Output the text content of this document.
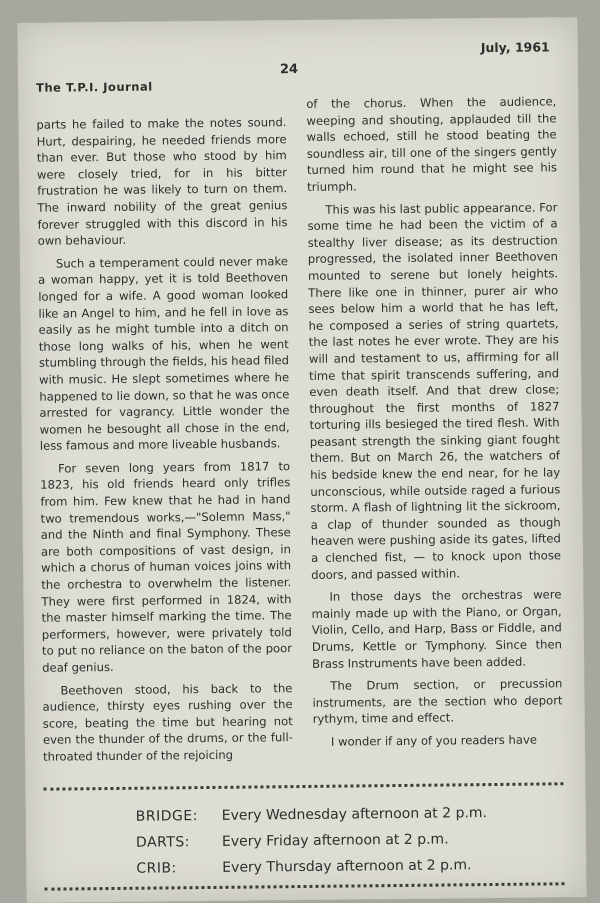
July, 1961
The T.P.I. Journal
24

parts he failed to make the notes sound. Hurt, despairing, he needed friends more than ever. But those who stood by him were closely tried, for in his bitter frustration he was likely to turn on them. The inward nobility of the great genius forever struggled with this discord in his own behaviour.

Such a temperament could never make a woman happy, yet it is told Beethoven longed for a wife. A good woman looked like an Angel to him, and he fell in love as easily as he might tumble into a ditch on those long walks of his, when he went stumbling through the fields, his head filed with music. He slept sometimes where he happened to lie down, so that he was once arrested for vagrancy. Little wonder the women he besought all chose in the end, less famous and more liveable husbands.

For seven long years from 1817 to 1823, his old friends heard only trifles from him. Few knew that he had in hand two tremendous works,—"Solemn Mass," and the Ninth and final Symphony. These are both compositions of vast design, in which a chorus of human voices joins with the orchestra to overwhelm the listener. They were first performed in 1824, with the master himself marking the time. The performers, however, were privately told to put no reliance on the baton of the poor deaf genius.

Beethoven stood, his back to the audience, thirsty eyes rushing over the score, beating the time but hearing not even the thunder of the drums, or the full-throated thunder of the rejoicing

of the chorus. When the audience, weeping and shouting, applauded till the walls echoed, still he stood beating the soundless air, till one of the singers gently turned him round that he might see his triumph.

This was his last public appearance. For some time he had been the victim of a stealthy liver disease; as its destruction progressed, the isolated inner Beethoven mounted to serene but lonely heights. There like one in thinner, purer air who sees below him a world that he has left, he composed a series of string quartets, the last notes he ever wrote. They are his will and testament to us, affirming for all time that spirit transcends suffering, and even death itself. And that drew close; throughout the first months of 1827 torturing ills besieged the tired flesh. With peasant strength the sinking giant fought them. But on March 26, the watchers of his bedside knew the end near, for he lay unconscious, while outside raged a furious storm. A flash of lightning lit the sickroom, a clap of thunder sounded as though heaven were pushing aside its gates, lifted a clenched fist, — to knock upon those doors, and passed within.

In those days the orchestras were mainly made up with the Piano, or Organ, Violin, Cello, and Harp, Bass or Fiddle, and Drums, Kettle or Tymphony. Since then Brass Instruments have been added.

The Drum section, or precussion instruments, are the section who deport rythym, time and effect.

I wonder if any of you readers have

BRIDGE:	Every Wednesday afternoon at 2 p.m.
DARTS:	Every Friday afternoon at 2 p.m.
CRIB:	Every Thursday afternoon at 2 p.m.
